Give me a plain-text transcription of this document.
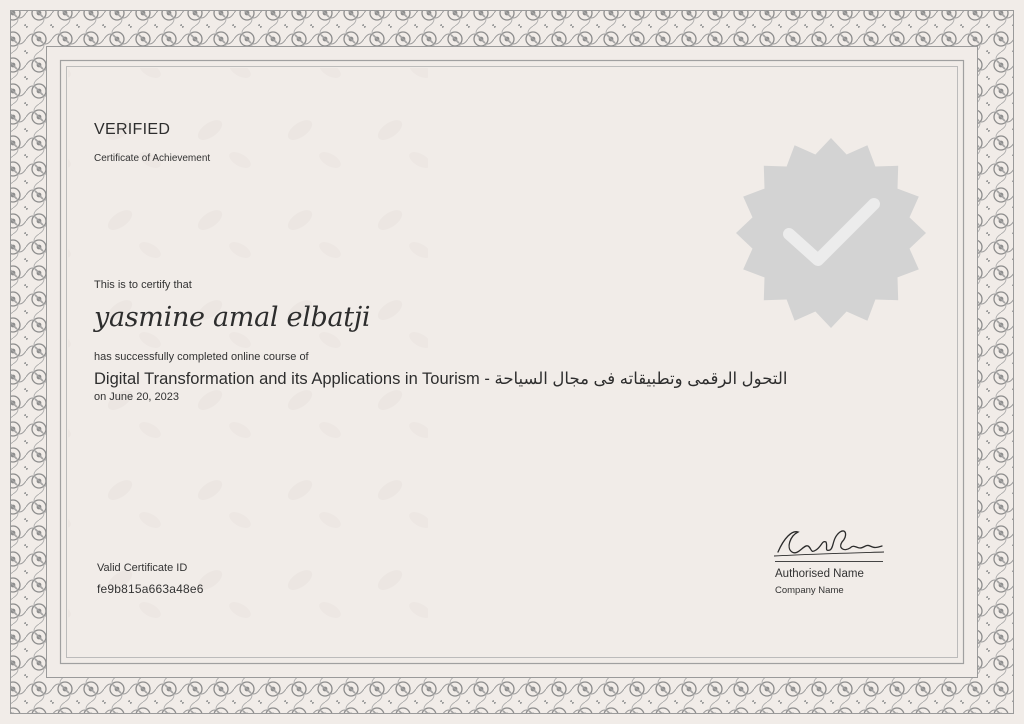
VERIFIED
Certificate of Achievement
This is to certify that
yasmine amal elbatji
has successfully completed online course of
Digital Transformation and its Applications in Tourism - التحول الرقمى وتطبيقاته فى مجال السياحة
on June 20, 2023
Valid Certificate ID
fe9b815a663a48e6
Authorised Name
Company Name
